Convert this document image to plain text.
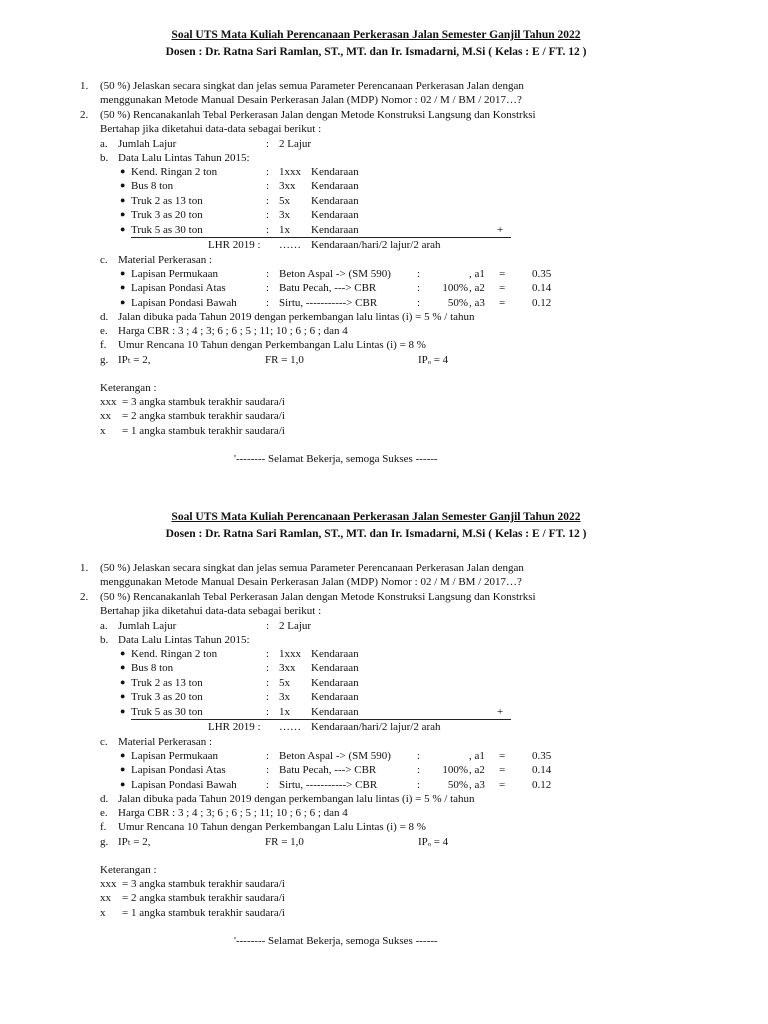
Soal UTS Mata Kuliah Perencanaan Perkerasan Jalan Semester Ganjil Tahun 2022
Dosen : Dr. Ratna Sari Ramlan, ST., MT. dan Ir. Ismadarni, M.Si ( Kelas : E / FT. 12 )
1. (50 %) Jelaskan secara singkat dan jelas semua Parameter Perencanaan Perkerasan Jalan dengan
menggunakan Metode Manual Desain Perkerasan Jalan (MDP) Nomor : 02 / M / BM / 2017…?
2. (50 %) Rencanakanlah Tebal Perkerasan Jalan dengan Metode Konstruksi Langsung dan Konstrksi
Bertahap jika diketahui data-data sebagai berikut :
a. Jumlah Lajur	: 2 Lajur
b. Data Lalu Lintas Tahun 2015:
● Kend. Ringan 2 ton	: 1xxx Kendaraan
● Bus 8 ton	: 3xx Kendaraan
● Truk 2 as 13 ton	: 5x Kendaraan
● Truk 3 as 20 ton	: 3x Kendaraan
● Truk 5 as 30 ton	: 1x Kendaraan	+
LHR 2019 : …… Kendaraan/hari/2 lajur/2 arah
c. Material Perkerasan :
● Lapisan Permukaan	: Beton Aspal -> (SM 590) :	, a1 = 0.35
● Lapisan Pondasi Atas	: Batu Pecah, ---> CBR	: 100% , a2 = 0.14
● Lapisan Pondasi Bawah	: Sirtu, -----------> CBR	:	50% , a3 = 0.12
d. Jalan dibuka pada Tahun 2019 dengan perkembangan lalu lintas (i) = 5 % / tahun
e. Harga CBR : 3 ; 4 ; 3; 6 ; 6 ; 5 ; 11; 10 ; 6 ; 6 ; dan 4
f. Umur Rencana 10 Tahun dengan Perkembangan Lalu Lintas (i) = 8 %
g. IPₜ = 2,	FR = 1,0	IPₒ = 4
Keterangan :
xxx = 3 angka stambuk terakhir saudara/i
xx = 2 angka stambuk terakhir saudara/i
x = 1 angka stambuk terakhir saudara/i
'-------- Selamat Bekerja, semoga Sukses ------
Soal UTS Mata Kuliah Perencanaan Perkerasan Jalan Semester Ganjil Tahun 2022
Dosen : Dr. Ratna Sari Ramlan, ST., MT. dan Ir. Ismadarni, M.Si ( Kelas : E / FT. 12 )
1. (50 %) Jelaskan secara singkat dan jelas semua Parameter Perencanaan Perkerasan Jalan dengan
menggunakan Metode Manual Desain Perkerasan Jalan (MDP) Nomor : 02 / M / BM / 2017…?
2. (50 %) Rencanakanlah Tebal Perkerasan Jalan dengan Metode Konstruksi Langsung dan Konstrksi
Bertahap jika diketahui data-data sebagai berikut :
a. Jumlah Lajur	: 2 Lajur
b. Data Lalu Lintas Tahun 2015:
● Kend. Ringan 2 ton	: 1xxx Kendaraan
● Bus 8 ton	: 3xx Kendaraan
● Truk 2 as 13 ton	: 5x Kendaraan
● Truk 3 as 20 ton	: 3x Kendaraan
● Truk 5 as 30 ton	: 1x Kendaraan	+
LHR 2019 : …… Kendaraan/hari/2 lajur/2 arah
c. Material Perkerasan :
● Lapisan Permukaan	: Beton Aspal -> (SM 590) :	, a1 = 0.35
● Lapisan Pondasi Atas	: Batu Pecah, ---> CBR	: 100% , a2 = 0.14
● Lapisan Pondasi Bawah	: Sirtu, -----------> CBR	:	50% , a3 = 0.12
d. Jalan dibuka pada Tahun 2019 dengan perkembangan lalu lintas (i) = 5 % / tahun
e. Harga CBR : 3 ; 4 ; 3; 6 ; 6 ; 5 ; 11; 10 ; 6 ; 6 ; dan 4
f. Umur Rencana 10 Tahun dengan Perkembangan Lalu Lintas (i) = 8 %
g. IPₜ = 2,	FR = 1,0	IPₒ = 4
Keterangan :
xxx = 3 angka stambuk terakhir saudara/i
xx = 2 angka stambuk terakhir saudara/i
x = 1 angka stambuk terakhir saudara/i
'-------- Selamat Bekerja, semoga Sukses ------
